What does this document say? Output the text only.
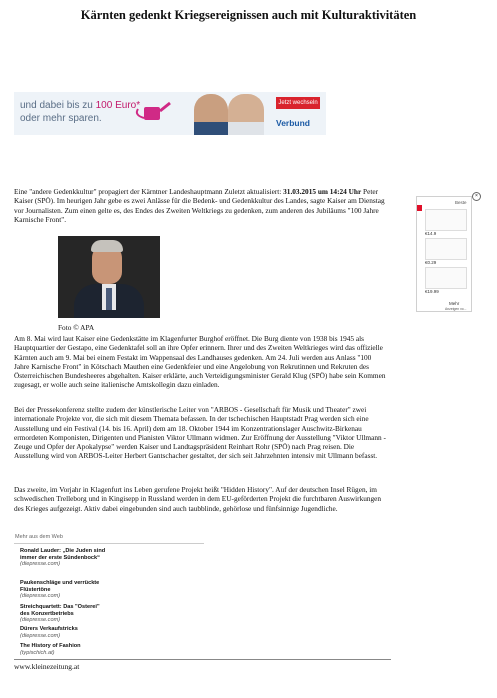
Kärnten gedenkt Kriegsereignissen auch mit Kulturaktivitäten
und dabei bis zu 100 Euro*
oder mehr sparen.
Jetzt wechseln
Verbund

Eine "andere Gedenkkultur" propagiert der Kärntner Landeshauptmann Zuletzt aktualisiert: 31.03.2015 um 14:24 Uhr Peter Kaiser (SPÖ). Im heurigen Jahr gebe es zwei Anlässe für die Bedenk- und Gedenkkultur des Landes, sagte Kaiser am Dienstag vor Journalisten. Zum einen gelte es, des Endes des Zweiten Weltkriegs zu gedenken, zum anderen des Jubiläums "100 Jahre Karnische Front".

Foto © APA

Am 8. Mai wird laut Kaiser eine Gedenkstätte im Klagenfurter Burghof eröffnet. Die Burg diente von 1938 bis 1945 als Hauptquartier der Gestapo, eine Gedenktafel soll an ihre Opfer erinnern. Ihrer und des Zweiten Weltkrieges wird das offizielle Kärnten auch am 9. Mai bei einem Festakt im Wappensaal des Landhauses gedenken. Am 24. Juli werden aus Anlass "100 Jahre Karnische Front" in Kötschach Mauthen eine Gedenkfeier und eine Angelobung von Rekrutinnen und Rekruten des Österreichischen Bundesheeres abgehalten. Kaiser erklärte, auch Verteidigungsminister Gerald Klug (SPÖ) habe sein Kommen zugesagt, er wolle auch seine italienische Amtskollegin dazu einladen.

Bei der Pressekonferenz stellte zudem der künstlerische Leiter von "ARBOS - Gesellschaft für Musik und Theater" zwei internationale Projekte vor, die sich mit diesem Themata befassen. In der tschechischen Hauptstadt Prag werden sich eine Ausstellung und ein Festival (14. bis 16. April) dem am 18. Oktober 1944 im Konzentrationslager Auschwitz-Birkenau ermordeten Komponisten, Dirigenten und Pianisten Viktor Ullmann widmen. Zur Eröffnung der Ausstellung "Viktor Ullmann - Zeuge und Opfer der Apokalypse" werden Kaiser und Landtagspräsident Reinhart Rohr (SPÖ) nach Prag reisen. Die Ausstellung wird von ARBOS-Leiter Herbert Gantschacher gestaltet, der sich seit Jahrzehnten intensiv mit Ullmann befasst.

Das zweite, im Vorjahr in Klagenfurt ins Leben gerufene Projekt heißt "Hidden History". Auf der deutschen Insel Rügen, im schwedischen Trelleborg und in Kingisepp in Russland werden in dem EU-geförderten Projekt die furchtbaren Auswirkungen des Krieges aufgezeigt. Aktiv dabei eingebunden sind auch taubblinde, gehörlose und fünfsinnige Jugendliche.

Mehr aus dem Web
Ronald Lauder: „Die Juden sind immer der erste Sündenbock“
(diepresse.com)
Paukenschläge und verrückte Flüstertöne
(diepresse.com)
Streichquartett: Das "Osterei" des Konzertbetriebs
(diepresse.com)
Dürers Verkaufstricks
(diepresse.com)
The History of Fashion
(typischich.at)
www.kleinezeitung.at
×
Beste
€14.9
€0.29
€19.99
Mehr
Anzeigen vo...
